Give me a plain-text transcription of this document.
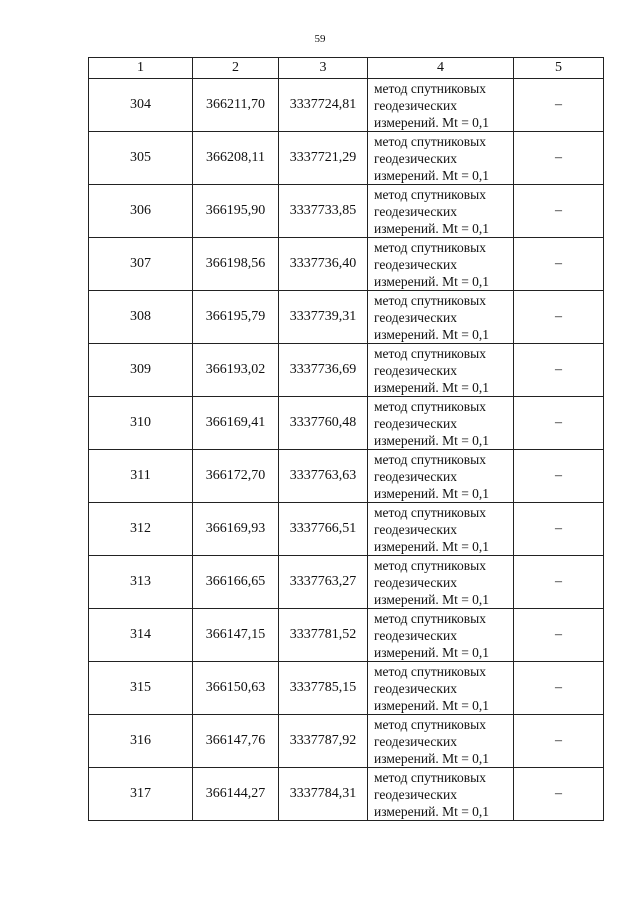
59
1	2	3	4	5
304	366211,70	3337724,81	метод спутниковых
геодезических
измерений. Mt = 0,1	–
305	366208,11	3337721,29	метод спутниковых
геодезических
измерений. Mt = 0,1	–
306	366195,90	3337733,85	метод спутниковых
геодезических
измерений. Mt = 0,1	–
307	366198,56	3337736,40	метод спутниковых
геодезических
измерений. Mt = 0,1	–
308	366195,79	3337739,31	метод спутниковых
геодезических
измерений. Mt = 0,1	–
309	366193,02	3337736,69	метод спутниковых
геодезических
измерений. Mt = 0,1	–
310	366169,41	3337760,48	метод спутниковых
геодезических
измерений. Mt = 0,1	–
311	366172,70	3337763,63	метод спутниковых
геодезических
измерений. Mt = 0,1	–
312	366169,93	3337766,51	метод спутниковых
геодезических
измерений. Mt = 0,1	–
313	366166,65	3337763,27	метод спутниковых
геодезических
измерений. Mt = 0,1	–
314	366147,15	3337781,52	метод спутниковых
геодезических
измерений. Mt = 0,1	–
315	366150,63	3337785,15	метод спутниковых
геодезических
измерений. Mt = 0,1	–
316	366147,76	3337787,92	метод спутниковых
геодезических
измерений. Mt = 0,1	–
317	366144,27	3337784,31	метод спутниковых
геодезических
измерений. Mt = 0,1	–
